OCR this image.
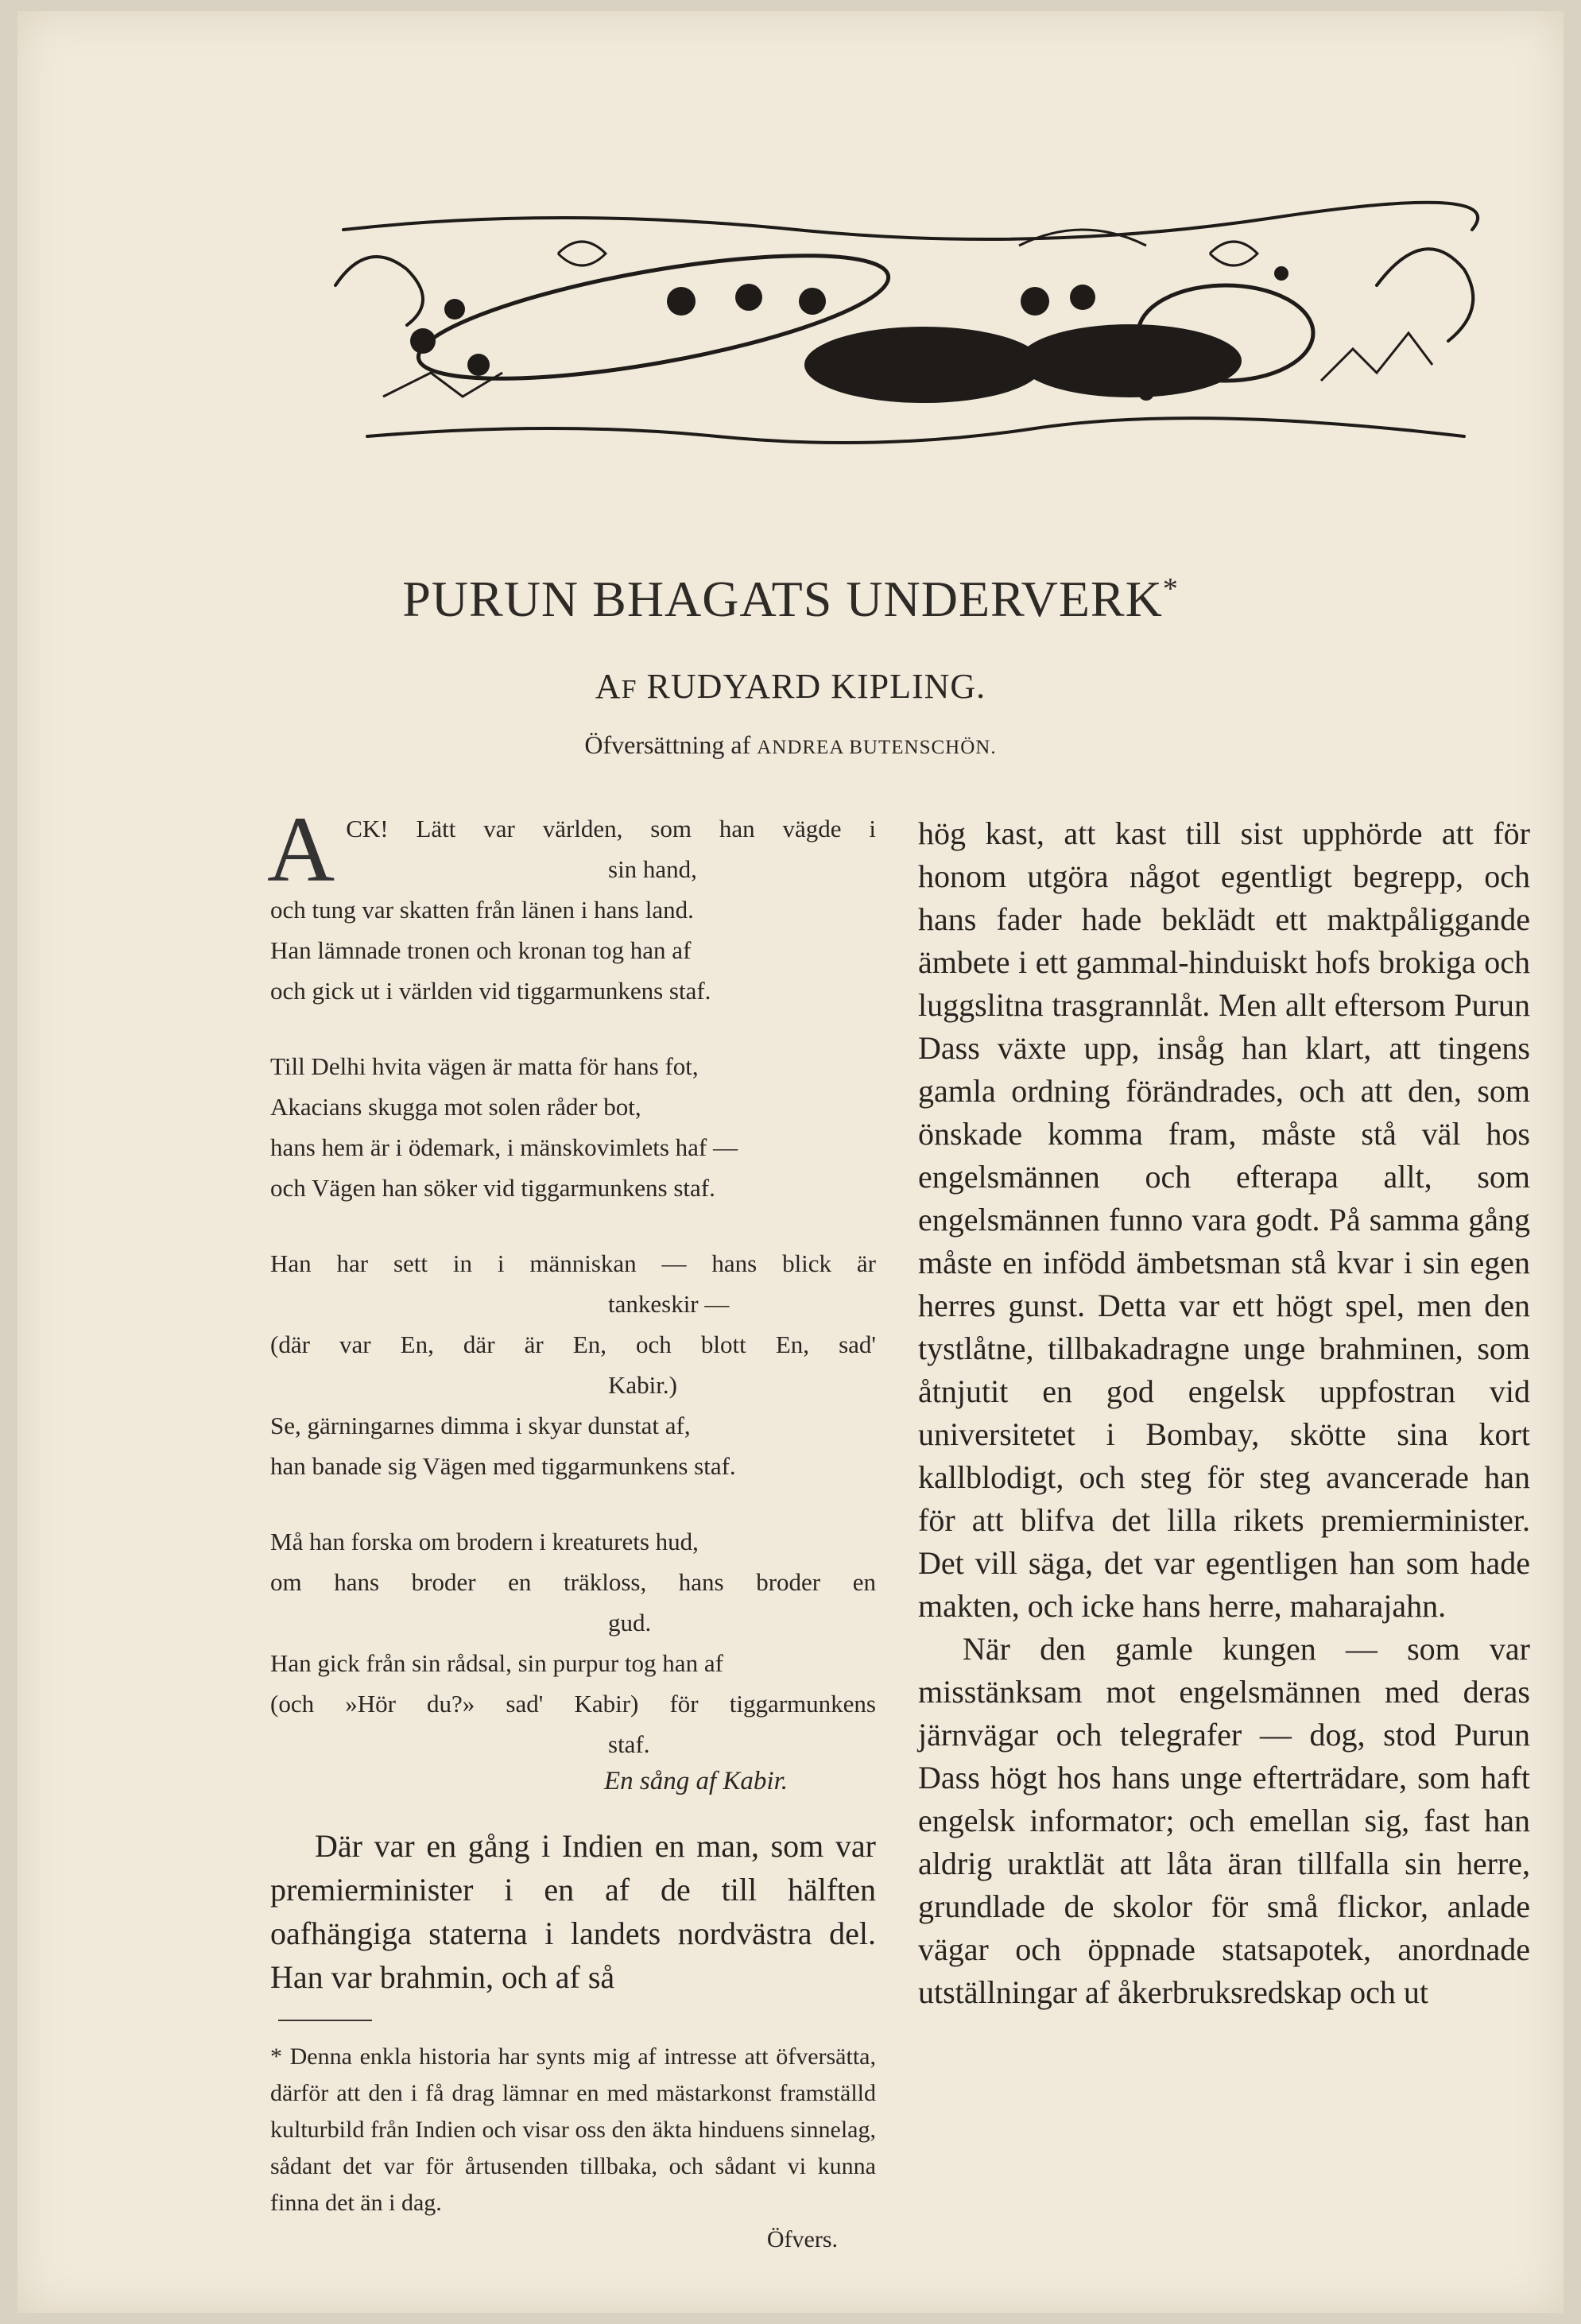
PURUN BHAGATS UNDERVERK*
AF RUDYARD KIPLING.
Öfversättning af ANDREA BUTENSCHÖN.
A CK! Lätt var världen, som han vägde i
sin hand,
och tung var skatten från länen i hans land.
Han lämnade tronen och kronan tog han af
och gick ut i världen vid tiggarmunkens staf.
Till Delhi hvita vägen är matta för hans fot,
Akacians skugga mot solen råder bot,
hans hem är i ödemark, i mänskovimlets haf —
och Vägen han söker vid tiggarmunkens staf.
Han har sett in i människan — hans blick är
tankeskir —
(där var En, där är En, och blott En, sad'
Kabir.)
Se, gärningarnes dimma i skyar dunstat af,
han banade sig Vägen med tiggarmunkens staf.
Må han forska om brodern i kreaturets hud,
om hans broder en träkloss, hans broder en
gud.
Han gick från sin rådsal, sin purpur tog han af
(och »Hör du?» sad' Kabir) för tiggarmunkens
staf.
En sång af Kabir.

Där var en gång i Indien en man, som var premierminister i en af de till hälften oafhängiga staterna i landets nordvästra del. Han var brahmin, och af så

* Denna enkla historia har synts mig af intresse att öfversätta, därför att den i få drag lämnar en med mästarkonst framställd kulturbild från Indien och visar oss den äkta hinduens sinnelag, sådant det var för årtusenden tillbaka, och sådant vi kunna finna det än i dag.
Öfvers.

hög kast, att kast till sist upphörde att för honom utgöra något egentligt begrepp, och hans fader hade beklädt ett maktpåliggande ämbete i ett gammal-hinduiskt hofs brokiga och luggslitna trasgrannlåt. Men allt eftersom Purun Dass växte upp, insåg han klart, att tingens gamla ordning förändrades, och att den, som önskade komma fram, måste stå väl hos engelsmännen och efterapa allt, som engelsmännen funno vara godt. På samma gång måste en infödd ämbetsman stå kvar i sin egen herres gunst. Detta var ett högt spel, men den tystlåtne, tillbakadragne unge brahminen, som åtnjutit en god engelsk uppfostran vid universitetet i Bombay, skötte sina kort kallblodigt, och steg för steg avancerade han för att blifva det lilla rikets premierminister. Det vill säga, det var egentligen han som hade makten, och icke hans herre, maharajahn.

När den gamle kungen — som var misstänksam mot engelsmännen med deras järnvägar och telegrafer — dog, stod Purun Dass högt hos hans unge efterträdare, som haft engelsk informator; och emellan sig, fast han aldrig uraktlät att låta äran tillfalla sin herre, grundlade de skolor för små flickor, anlade vägar och öppnade statsapotek, anordnade utställningar af åkerbruksredskap och ut
